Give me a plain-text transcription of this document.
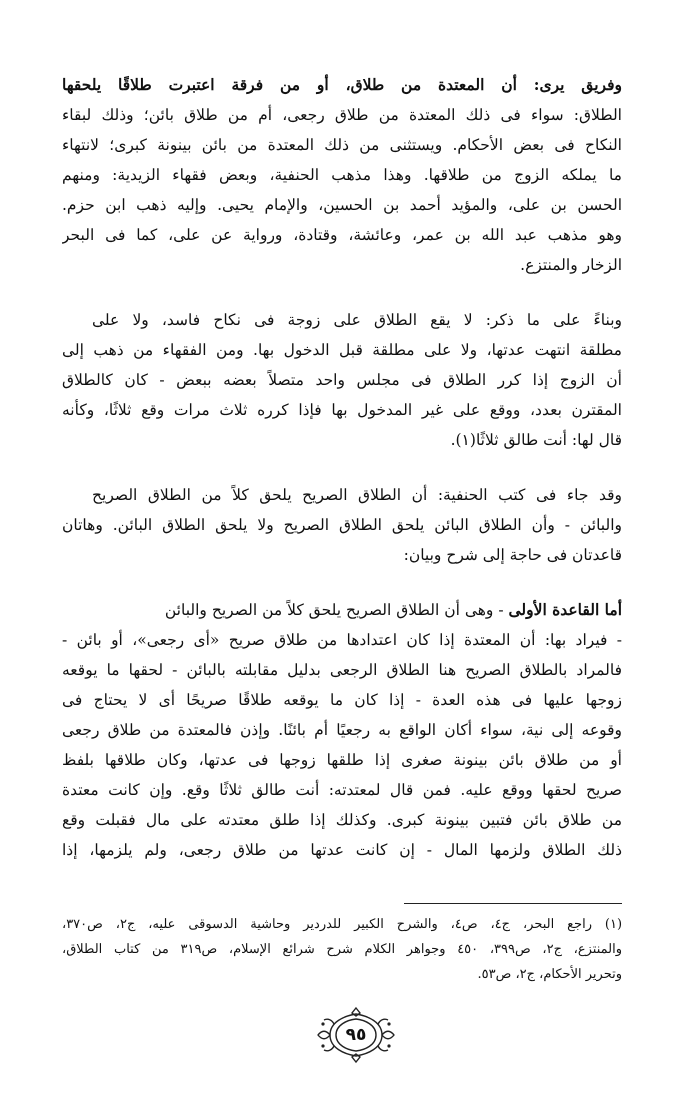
وفريق يرى: أن المعتدة من طلاق، أو من فرقة اعتبرت طلاقًا يلحقها
الطلاق: سواء فى ذلك المعتدة من طلاق رجعى، أم من طلاق بائن؛ وذلك لبقاء
النكاح فى بعض الأحكام. ويستثنى من ذلك المعتدة من بائن بينونة كبرى؛ لانتهاء
ما يملكه الزوج من طلاقها. وهذا مذهب الحنفية، وبعض فقهاء الزيدية: ومنهم
الحسن بن على، والمؤيد أحمد بن الحسين، والإمام يحيى. وإليه ذهب ابن حزم.
وهو مذهب عبد الله بن عمر، وعائشة، وقتادة، ورواية عن على، كما فى البحر
الزخار والمنتزع.
وبناءً على ما ذكر: لا يقع الطلاق على زوجة فى نكاح فاسد، ولا على
مطلقة انتهت عدتها، ولا على مطلقة قبل الدخول بها. ومن الفقهاء من ذهب إلى
أن الزوج إذا كرر الطلاق فى مجلس واحد متصلاً بعضه ببعض - كان كالطلاق
المقترن بعدد، ووقع على غير المدخول بها فإذا كرره ثلاث مرات وقع ثلاثًا، وكأنه
قال لها: أنت طالق ثلاثًا(١).
وقد جاء فى كتب الحنفية: أن الطلاق الصريح يلحق كلاً من الطلاق الصريح
والبائن - وأن الطلاق البائن يلحق الطلاق الصريح ولا يلحق الطلاق البائن. وهاتان
قاعدتان فى حاجة إلى شرح وبيان:
أما القاعدة الأولى - وهى أن الطلاق الصريح يلحق كلاً من الصريح والبائن
- فيراد بها: أن المعتدة إذا كان اعتدادها من طلاق صريح «أى رجعى»، أو بائن -
فالمراد بالطلاق الصريح هنا الطلاق الرجعى بدليل مقابلته بالبائن - لحقها ما يوقعه
زوجها عليها فى هذه العدة - إذا كان ما يوقعه طلاقًا صريحًا أى لا يحتاج فى
وقوعه إلى نية، سواء أكان الواقع به رجعيًا أم بائنًا. وإذن فالمعتدة من طلاق رجعى
أو من طلاق بائن بينونة صغرى إذا طلقها زوجها فى عدتها، وكان طلاقها بلفظ
صريح لحقها ووقع عليه. فمن قال لمعتدته: أنت طالق ثلاثًا وقع. وإن كانت معتدة
من طلاق بائن فتبين بينونة كبرى. وكذلك إذا طلق معتدته على مال فقبلت وقع
ذلك الطلاق ولزمها المال - إن كانت عدتها من طلاق رجعى، ولم يلزمها، إذا
(١) راجع البحر، ج٤، ص٤، والشرح الكبير للدردير وحاشية الدسوقى عليه، ج٢، ص٣٧٠،
والمنتزع، ج٢، ص٣٩٩، ٤٥٠ وجواهر الكلام شرح شرائع الإسلام، ص٣١٩ من كتاب الطلاق،
وتحرير الأحكام، ج٢، ص٥٣.
٩٥
